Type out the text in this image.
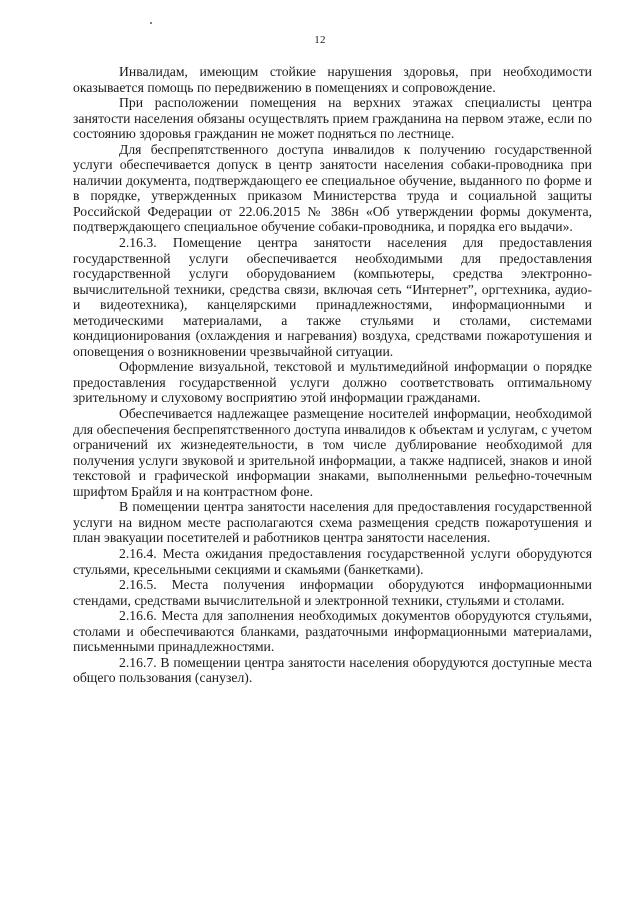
12

Инвалидам, имеющим стойкие нарушения здоровья, при необходимости оказывается помощь по передвижению в помещениях и сопровождение.

При расположении помещения на верхних этажах специалисты центра занятости населения обязаны осуществлять прием гражданина на первом этаже, если по состоянию здоровья гражданин не может подняться по лестнице.

Для беспрепятственного доступа инвалидов к получению государственной услуги обеспечивается допуск в центр занятости населения собаки-проводника при наличии документа, подтверждающего ее специальное обучение, выданного по форме и в порядке, утвержденных приказом Министерства труда и социальной защиты Российской Федерации от 22.06.2015 № 386н «Об утверждении формы документа, подтверждающего специальное обучение собаки-проводника, и порядка его выдачи».

2.16.3. Помещение центра занятости населения для предоставления государственной услуги обеспечивается необходимыми для предоставления государственной услуги оборудованием (компьютеры, средства электронно-вычислительной техники, средства связи, включая сеть “Интернет”, оргтехника, аудио- и видеотехника), канцелярскими принадлежностями, информационными и методическими материалами, а также стульями и столами, системами кондиционирования (охлаждения и нагревания) воздуха, средствами пожаротушения и оповещения о возникновении чрезвычайной ситуации.

Оформление визуальной, текстовой и мультимедийной информации о порядке предоставления государственной услуги должно соответствовать оптимальному зрительному и слуховому восприятию этой информации гражданами.

Обеспечивается надлежащее размещение носителей информации, необходимой для обеспечения беспрепятственного доступа инвалидов к объектам и услугам, с учетом ограничений их жизнедеятельности, в том числе дублирование необходимой для получения услуги звуковой и зрительной информации, а также надписей, знаков и иной текстовой и графической информации знаками, выполненными рельефно-точечным шрифтом Брайля и на контрастном фоне.

В помещении центра занятости населения для предоставления государственной услуги на видном месте располагаются схема размещения средств пожаротушения и план эвакуации посетителей и работников центра занятости населения.

2.16.4. Места ожидания предоставления государственной услуги оборудуются стульями, кресельными секциями и скамьями (банкетками).

2.16.5. Места получения информации оборудуются информационными стендами, средствами вычислительной и электронной техники, стульями и столами.

2.16.6. Места для заполнения необходимых документов оборудуются стульями, столами и обеспечиваются бланками, раздаточными информационными материалами, письменными принадлежностями.

2.16.7. В помещении центра занятости населения оборудуются доступные места общего пользования (санузел).
